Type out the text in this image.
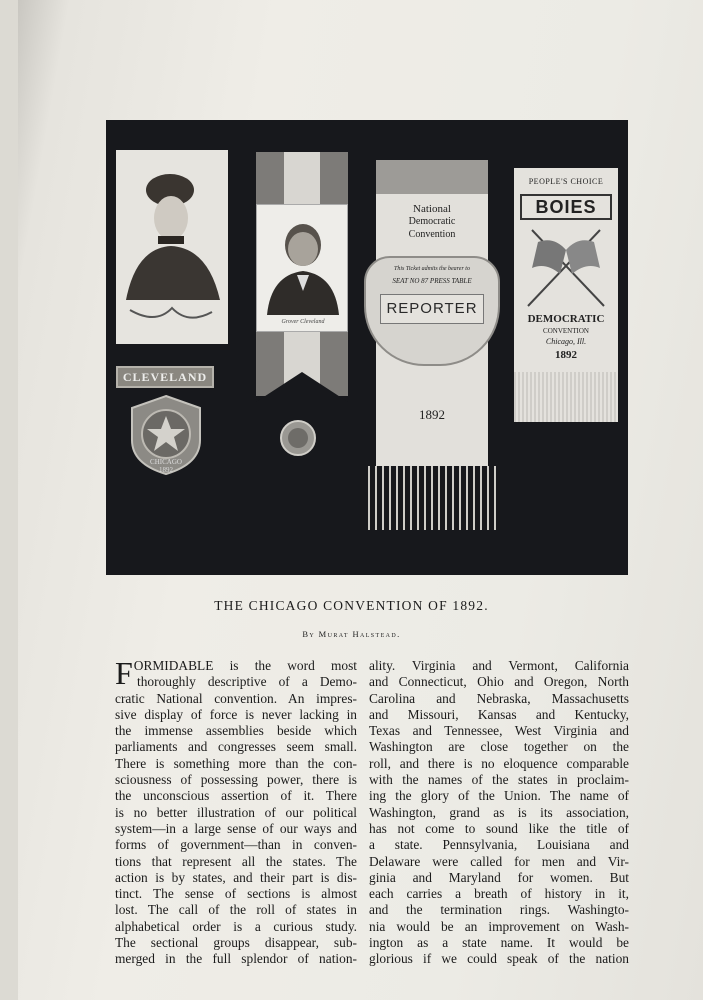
CLEVELAND
CHICAGO
1892
Grover Cleveland
National
Democratic
Convention
This Ticket admits the bearer to
SEAT NO 87 PRESS TABLE
REPORTER
1892
PEOPLE'S CHOICE
BOIES
DEMOCRATIC
CONVENTION
Chicago, Ill.
1892
THE CHICAGO CONVENTION OF 1892.
By Murat Halstead.
F ORMIDABLE is the word most
thoroughly descriptive of a Demo-
cratic National convention. An impres-
sive display of force is never lacking in
the immense assemblies beside which
parliaments and congresses seem small.
There is something more than the con-
sciousness of possessing power, there is
the unconscious assertion of it. There
is no better illustration of our political
system—in a large sense of our ways and
forms of government—than in conven-
tions that represent all the states. The
action is by states, and their part is dis-
tinct. The sense of sections is almost
lost. The call of the roll of states in
alphabetical order is a curious study.
The sectional groups disappear, sub-
merged in the full splendor of nation-
ality. Virginia and Vermont, California
and Connecticut, Ohio and Oregon, North
Carolina and Nebraska, Massachusetts
and Missouri, Kansas and Kentucky,
Texas and Tennessee, West Virginia and
Washington are close together on the
roll, and there is no eloquence comparable
with the names of the states in proclaim-
ing the glory of the Union. The name of
Washington, grand as is its association,
has not come to sound like the title of
a state. Pennsylvania, Louisiana and
Delaware were called for men and Vir-
ginia and Maryland for women. But
each carries a breath of history in it,
and the termination rings. Washingto-
nia would be an improvement on Wash-
ington as a state name. It would be
glorious if we could speak of the nation
